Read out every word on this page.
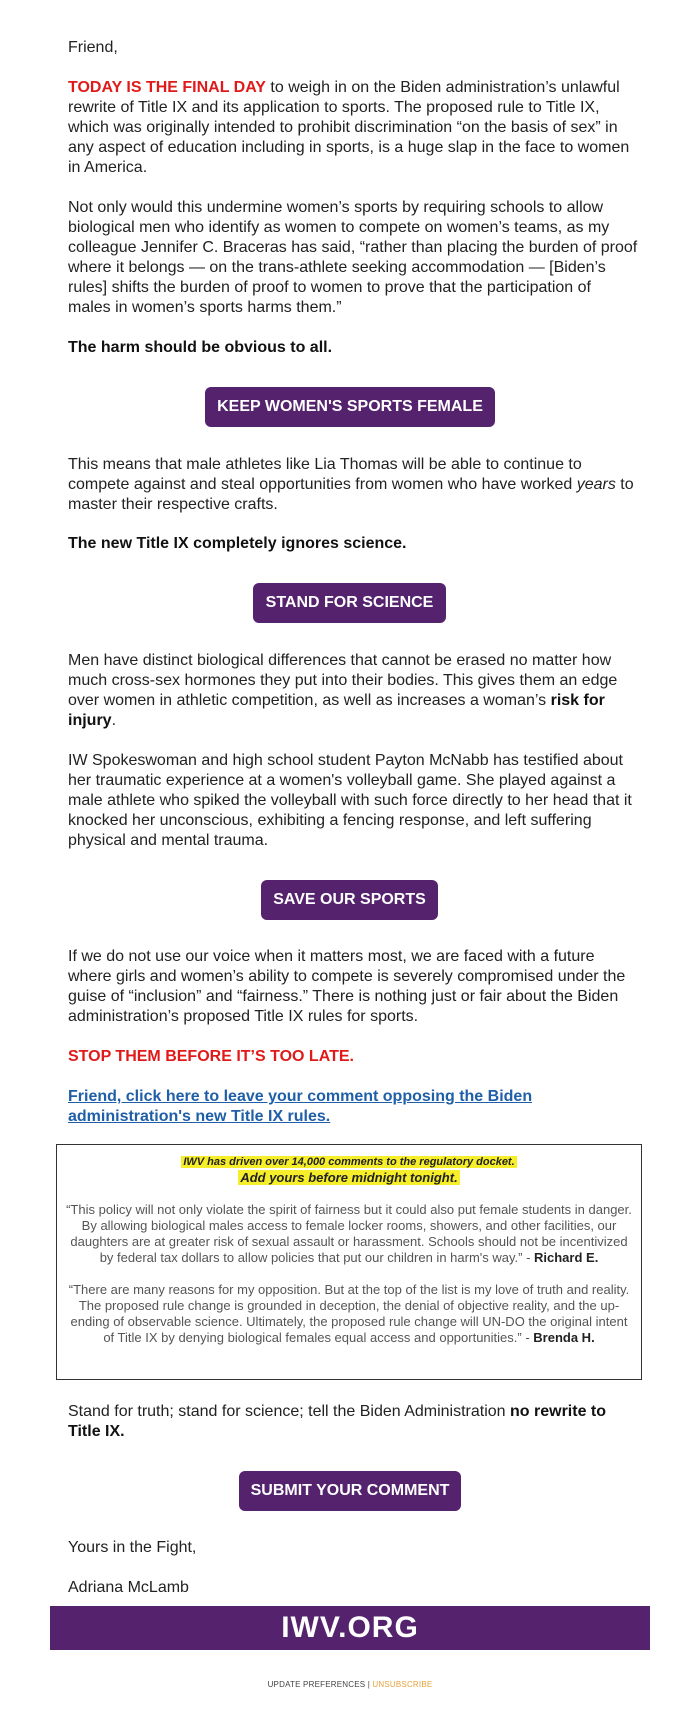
Friend,

TODAY IS THE FINAL DAY to weigh in on the Biden administration’s unlawful rewrite of Title IX and its application to sports. The proposed rule to Title IX, which was originally intended to prohibit discrimination “on the basis of sex” in any aspect of education including in sports, is a huge slap in the face to women in America.

Not only would this undermine women’s sports by requiring schools to allow biological men who identify as women to compete on women’s teams, as my colleague Jennifer C. Braceras has said, “rather than placing the burden of proof where it belongs — on the trans-athlete seeking accommodation — [Biden’s rules] shifts the burden of proof to women to prove that the participation of males in women’s sports harms them.”

The harm should be obvious to all.

KEEP WOMEN'S SPORTS FEMALE

This means that male athletes like Lia Thomas will be able to continue to compete against and steal opportunities from women who have worked years to master their respective crafts.

The new Title IX completely ignores science.

STAND FOR SCIENCE

Men have distinct biological differences that cannot be erased no matter how much cross-sex hormones they put into their bodies. This gives them an edge over women in athletic competition, as well as increases a woman’s risk for injury.

IW Spokeswoman and high school student Payton McNabb has testified about her traumatic experience at a women's volleyball game. She played against a male athlete who spiked the volleyball with such force directly to her head that it knocked her unconscious, exhibiting a fencing response, and left suffering physical and mental trauma.

SAVE OUR SPORTS

If we do not use our voice when it matters most, we are faced with a future where girls and women’s ability to compete is severely compromised under the guise of “inclusion” and “fairness.” There is nothing just or fair about the Biden administration’s proposed Title IX rules for sports.

STOP THEM BEFORE IT’S TOO LATE.

Friend, click here to leave your comment opposing the Biden administration's new Title IX rules.

IWV has driven over 14,000 comments to the regulatory docket.
Add yours before midnight tonight.
“This policy will not only violate the spirit of fairness but it could also put female students in danger. By allowing biological males access to female locker rooms, showers, and other facilities, our daughters are at greater risk of sexual assault or harassment. Schools should not be incentivized by federal tax dollars to allow policies that put our children in harm's way.” - Richard E.
“There are many reasons for my opposition. But at the top of the list is my love of truth and reality. The proposed rule change is grounded in deception, the denial of objective reality, and the up-ending of observable science. Ultimately, the proposed rule change will UN-DO the original intent of Title IX by denying biological females equal access and opportunities.” - Brenda H.

Stand for truth; stand for science; tell the Biden Administration no rewrite to Title IX.

SUBMIT YOUR COMMENT

Yours in the Fight,

Adriana McLamb

IWV.ORG
UPDATE PREFERENCES | UNSUBSCRIBE
